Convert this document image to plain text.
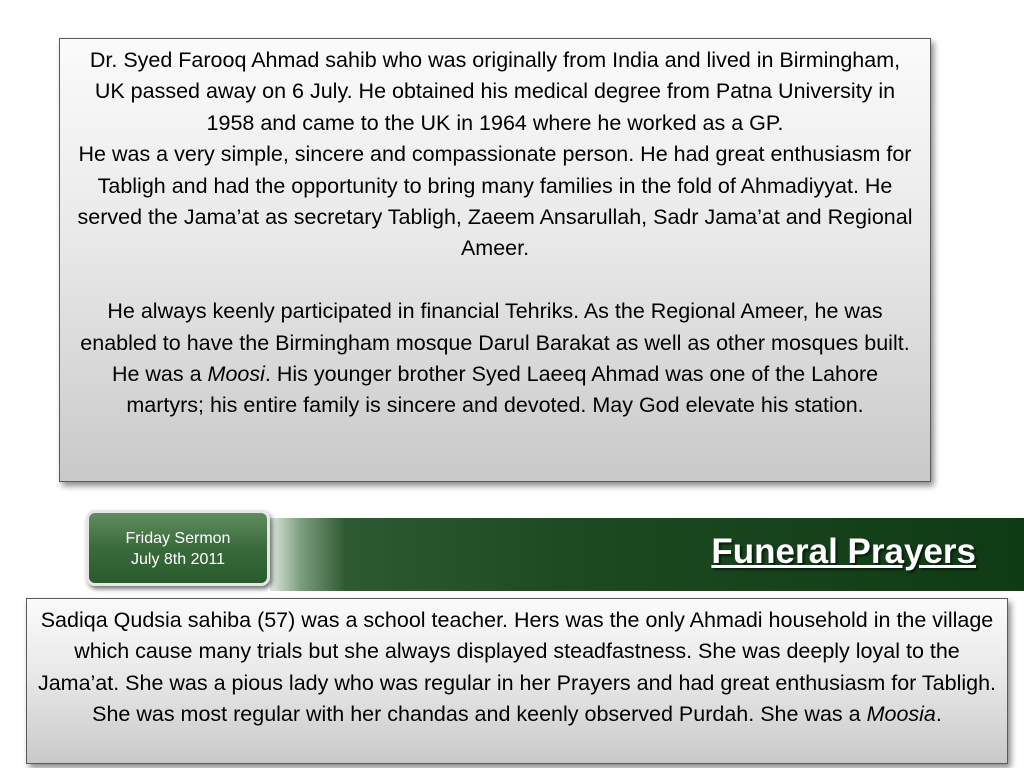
Dr. Syed Farooq Ahmad sahib who was originally from India and lived in Birmingham, UK passed away on 6 July. He obtained his medical degree from Patna University in 1958 and came to the UK in 1964 where he worked as a GP.

He was a very simple, sincere and compassionate person. He had great enthusiasm for Tabligh and had the opportunity to bring many families in the fold of Ahmadiyyat. He served the Jama’at as secretary Tabligh, Zaeem Ansarullah, Sadr Jama’at and Regional Ameer.

He always keenly participated in financial Tehriks. As the Regional Ameer, he was enabled to have the Birmingham mosque Darul Barakat as well as other mosques built. He was a Moosi. His younger brother Syed Laeeq Ahmad was one of the Lahore martyrs; his entire family is sincere and devoted. May God elevate his station.

Funeral Prayers
Friday Sermon
July 8th 2011

Sadiqa Qudsia sahiba (57) was a school teacher. Hers was the only Ahmadi household in the village which cause many trials but she always displayed steadfastness. She was deeply loyal to the Jama’at. She was a pious lady who was regular in her Prayers and had great enthusiasm for Tabligh. She was most regular with her chandas and keenly observed Purdah. She was a Moosia.
